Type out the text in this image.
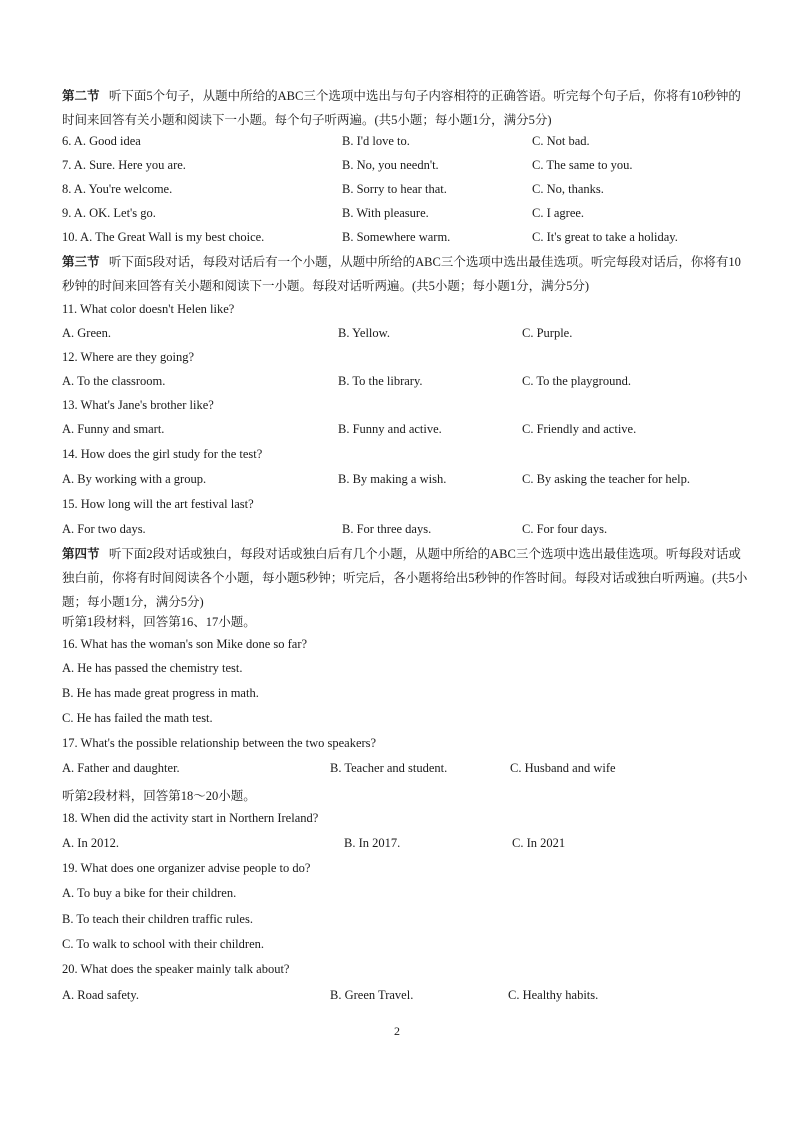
第二节 听下面5个句子，从题中所给的ABC三个选项中选出与句子内容相符的正确答语。听完每个句子后，你将有10秒钟的时间来回答有关小题和阅读下一小题。每个句子听两遍。(共5小题；每小题1分，满分5分)
6. A. Good idea	B. I'd love to.	C. Not bad.
7. A. Sure. Here you are.	B. No, you needn't.	C. The same to you.
8. A. You're welcome.	B. Sorry to hear that.	C. No, thanks.
9. A. OK. Let's go.	B. With pleasure.	C. I agree.
10. A. The Great Wall is my best choice.	B. Somewhere warm.	C. It's great to take a holiday.
第三节 听下面5段对话，每段对话后有一个小题，从题中所给的ABC三个选项中选出最佳选项。听完每段对话后，你将有10秒钟的时间来回答有关小题和阅读下一小题。每段对话听两遍。(共5小题；每小题1分，满分5分)
11. What color doesn't Helen like?
A. Green.	B. Yellow.	C. Purple.
12. Where are they going?
A. To the classroom.	B. To the library.	C. To the playground.
13. What's Jane's brother like?
A. Funny and smart.	B. Funny and active.	C. Friendly and active.
14. How does the girl study for the test?
A. By working with a group.	B. By making a wish.	C. By asking the teacher for help.
15. How long will the art festival last?
A. For two days.	B. For three days.	C. For four days.
第四节 听下面2段对话或独白，每段对话或独白后有几个小题，从题中所给的ABC三个选项中选出最佳选项。听每段对话或独白前，你将有时间阅读各个小题，每小题5秒钟；听完后，各小题将给出5秒钟的作答时间。每段对话或独白听两遍。(共5小题；每小题1分，满分5分)
听第1段材料，回答第16、17小题。
16. What has the woman's son Mike done so far?
A. He has passed the chemistry test.
B. He has made great progress in math.
C. He has failed the math test.
17. What's the possible relationship between the two speakers?
A. Father and daughter.	B. Teacher and student.	C. Husband and wife
听第2段材料，回答第18～20小题。
18. When did the activity start in Northern Ireland?
A. In 2012.	B. In 2017.	C. In 2021
19. What does one organizer advise people to do?
A. To buy a bike for their children.
B. To teach their children traffic rules.
C. To walk to school with their children.
20. What does the speaker mainly talk about?
A. Road safety.	B. Green Travel.	C. Healthy habits.
2
